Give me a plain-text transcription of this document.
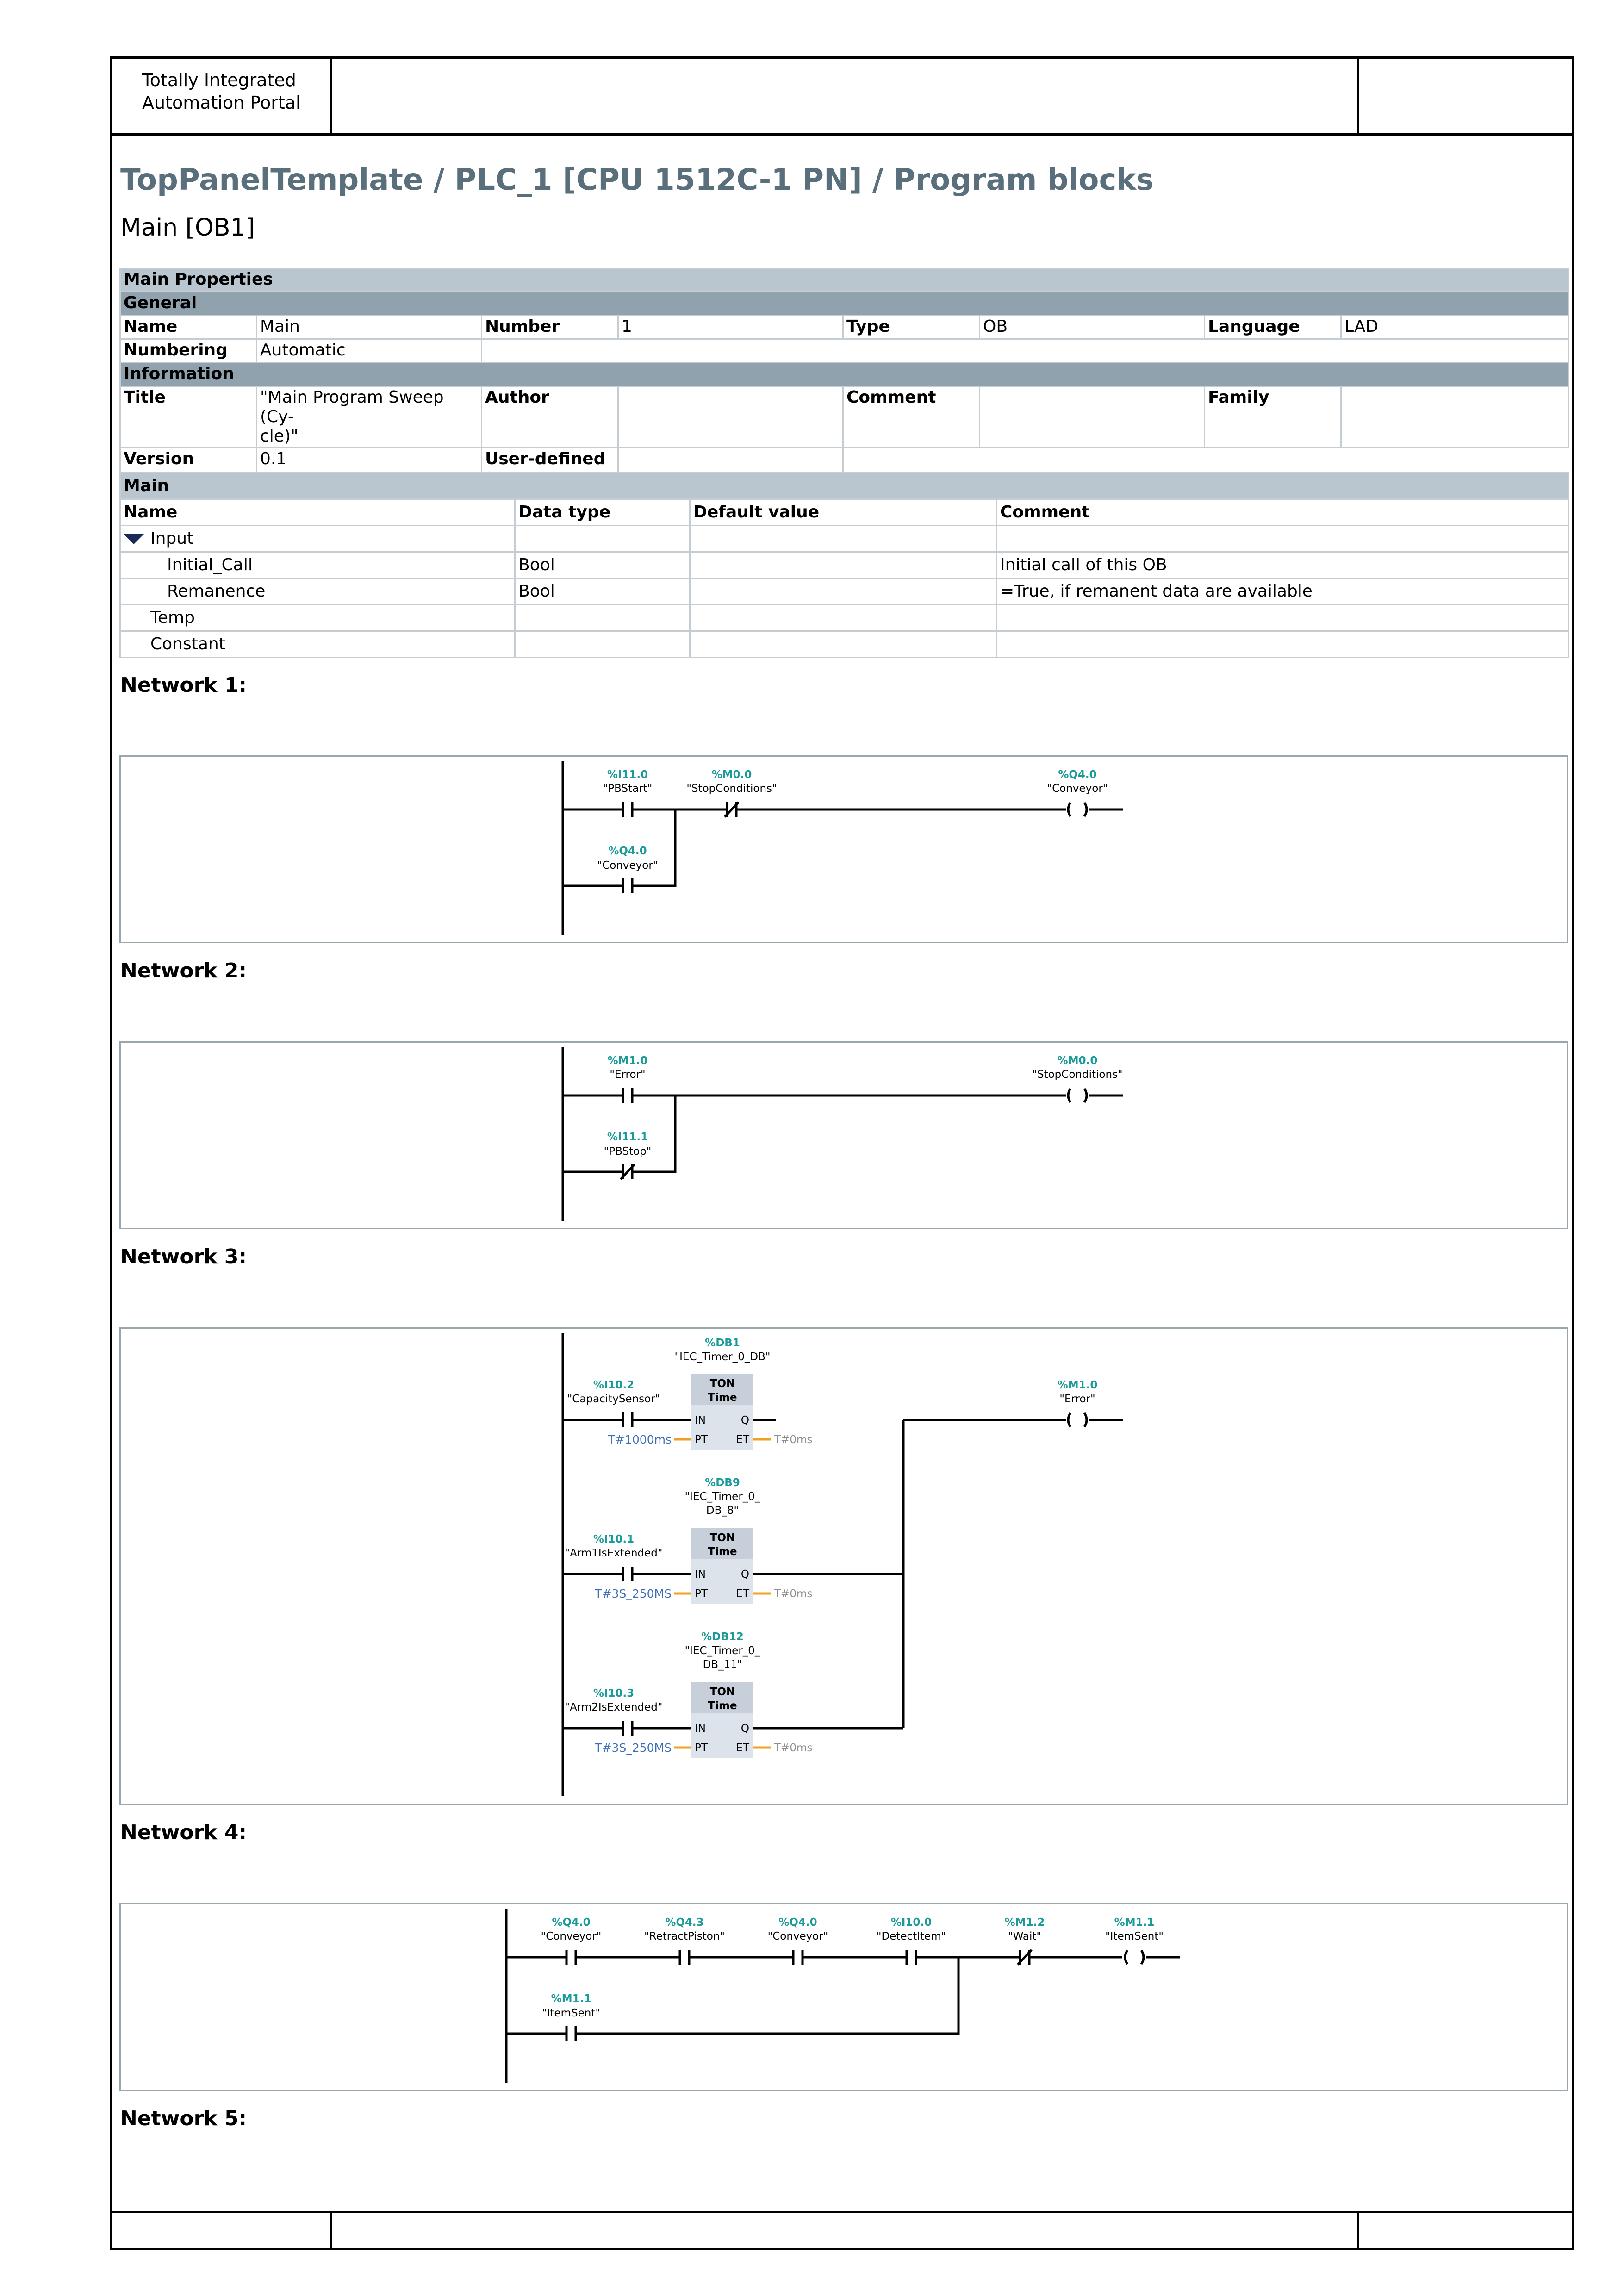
Totally Integrated
Automation Portal
TopPanelTemplate / PLC_1 [CPU 1512C-1 PN] / Program blocks
Main [OB1]
Main Properties							
General							
Name	Main	Number	1	Type	OB	Language	LAD
Numbering	Automatic						
Information							
Title	"Main Program Sweep (Cy-
cle)"	Author		Comment		Family	
Version	0.1	User-defined					
Main			
Name	Data type	Default value	Comment
Input			
Initial_Call	Bool		Initial call of this OB
Remanence	Bool		=True, if remanent data are available
Temp			
Constant			
Network 1:
%I11.0
"PBStart"
%M0.0
"StopConditions"
%Q4.0
"Conveyor"
%Q4.0
"Conveyor"
Network 2:
%M1.0
"Error"
%M0.0
"StopConditions"
%I11.1
"PBStop"
Network 3:
%DB1
"IEC_Timer_0_DB"
TON
Time
IN
PT
Q
ET
T#1000ms	T#0ms
%I10.2
"CapacitySensor"
%DB9
"IEC_Timer_0_
DB_8"
TON
Time
IN
PT
Q
ET
T#3S_250MS	T#0ms
%I10.1
"Arm1IsExtended"
%DB12
"IEC_Timer_0_
DB_11"
TON
Time
IN
PT
Q
ET
T#3S_250MS	T#0ms
%I10.3
"Arm2IsExtended"
%M1.0
"Error"
Network 4:
%Q4.0
"Conveyor"
%Q4.3
"RetractPiston"
%Q4.0
"Conveyor"
%I10.0
"DetectItem"
%M1.2
"Wait"
%M1.1
"ItemSent"
%M1.1
"ItemSent"
Network 5:
